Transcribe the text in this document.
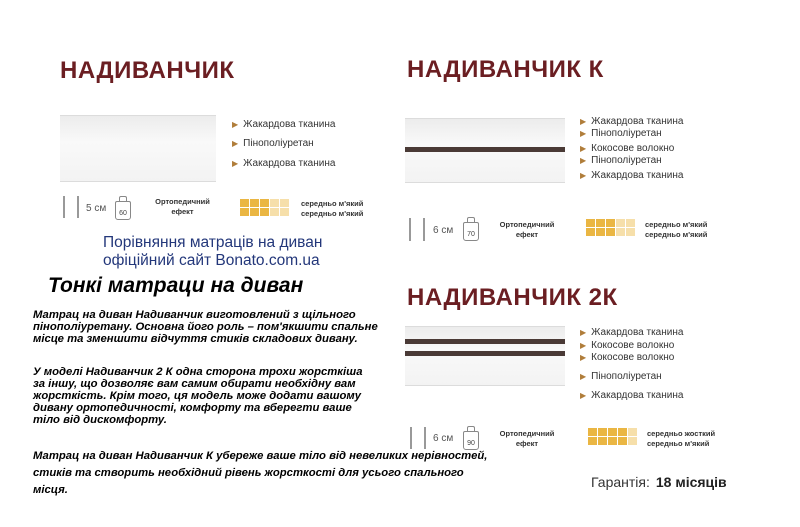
НАДИВАНЧИК
▶ Жакардова тканина
▶ Пінополіуретан
▶ Жакардова тканина
5 см	60
Ортопедичний
ефект
середньо м'який
середньо м'який
НАДИВАНЧИК К
▶ Жакардова тканина
▶ Пінополіуретан
▶ Кокосове волокно
▶ Пінополіуретан
▶ Жакардова тканина
6 см	70
Ортопедичний
ефект
середньо м'який
середньо м'який
НАДИВАНЧИК 2К
▶ Жакардова тканина
▶ Кокосове волокно
▶ Кокосове волокно
▶ Пінополіуретан
▶ Жакардова тканина
6 см	90
Ортопедичний
ефект
середньо жосткий
середньо м'який
Гарантія: 18 місяців
Порівняння матраців на диван
офіційний сайт Bonato.com.ua
Тонкі матраци на диван
Матрац на диван Надиванчик виготовлений з щільного пінополіуретану. Основна його роль – пом'якшити спальне місце та зменшити відчуття стиків складових дивану.
У моделі Надиванчик 2 К одна сторона трохи жорсткіша за іншу, що дозволяє вам самим обирати необхідну вам жорсткість. Крім того, ця модель може додати вашому дивану ортопедичності, комфорту та вберегти ваше тіло від дискомфорту.
Матрац на диван Надиванчик К убереже ваше тіло від невеликих нерівностей, стиків та створить необхідний рівень жорсткості для усього спального місця.
